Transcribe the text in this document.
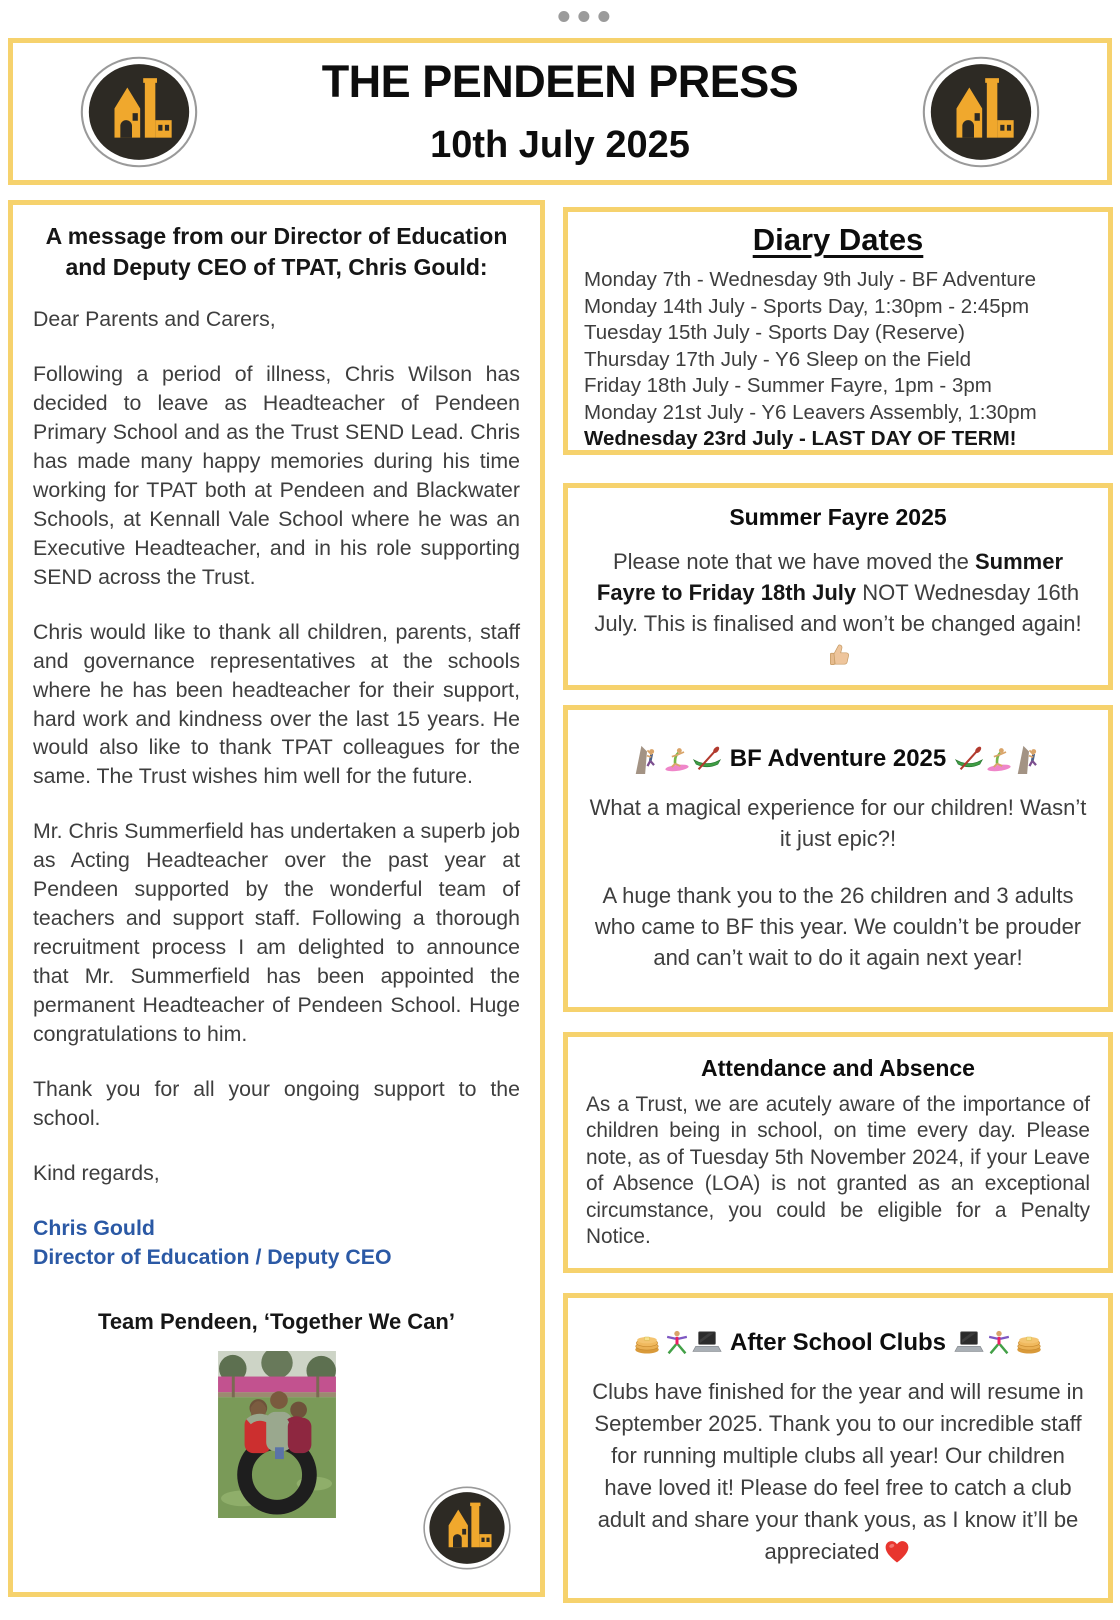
THE PENDEEN PRESS
10th July 2025
A message from our Director of Education and Deputy CEO of TPAT, Chris Gould:

Dear Parents and Carers,

Following a period of illness, Chris Wilson has decided to leave as Headteacher of Pendeen Primary School and as the Trust SEND Lead. Chris has made many happy memories during his time working for TPAT both at Pendeen and Blackwater Schools, at Kennall Vale School where he was an Executive Headteacher, and in his role supporting SEND across the Trust.

Chris would like to thank all children, parents, staff and governance representatives at the schools where he has been headteacher for their support, hard work and kindness over the last 15 years. He would also like to thank TPAT colleagues for the same. The Trust wishes him well for the future.

Mr. Chris Summerfield has undertaken a superb job as Acting Headteacher over the past year at Pendeen supported by the wonderful team of teachers and support staff. Following a thorough recruitment process I am delighted to announce that Mr. Summerfield has been appointed the permanent Headteacher of Pendeen School. Huge congratulations to him.

Thank you for all your ongoing support to the school.

Kind regards,

Chris Gould

Director of Education / Deputy CEO

Team Pendeen, ‘Together We Can’
Diary Dates
Monday 7th - Wednesday 9th July - BF Adventure
Monday 14th July - Sports Day, 1:30pm - 2:45pm
Tuesday 15th July - Sports Day (Reserve)
Thursday 17th July - Y6 Sleep on the Field
Friday 18th July - Summer Fayre, 1pm - 3pm
Monday 21st July - Y6 Leavers Assembly, 1:30pm
Wednesday 23rd July - LAST DAY OF TERM!
Summer Fayre 2025
Please note that we have moved the Summer Fayre to Friday 18th July NOT Wednesday 16th July. This is finalised and won’t be changed again!
BF Adventure 2025

What a magical experience for our children! Wasn’t it just epic?!

A huge thank you to the 26 children and 3 adults who came to BF this year. We couldn’t be prouder and can’t wait to do it again next year!

Attendance and Absence
As a Trust, we are acutely aware of the importance of children being in school, on time every day. Please note, as of Tuesday 5th November 2024, if your Leave of Absence (LOA) is not granted as an exceptional circumstance, you could be eligible for a Penalty Notice.
After School Clubs
Clubs have finished for the year and will resume in September 2025. Thank you to our incredible staff for running multiple clubs all year! Our children have loved it! Please do feel free to catch a club adult and share your thank yous, as I know it’ll be appreciated
